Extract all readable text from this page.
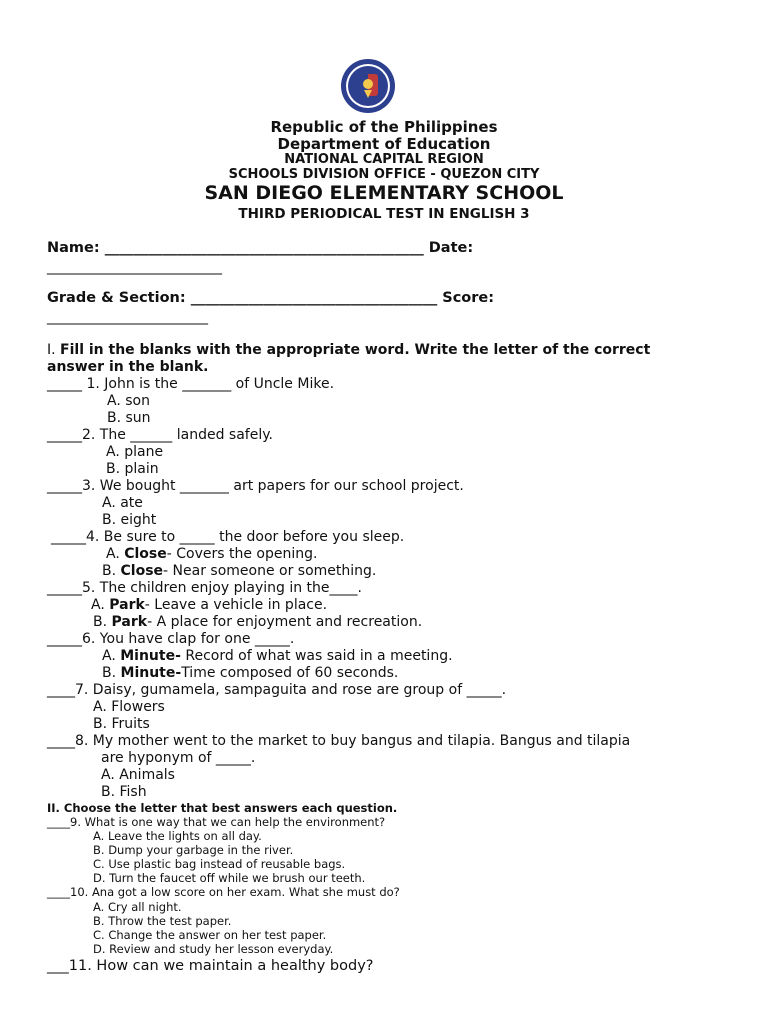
Republic of the Philippines
Department of Education
NATIONAL CAPITAL REGION
SCHOOLS DIVISION OFFICE - QUEZON CITY
SAN DIEGO ELEMENTARY SCHOOL
THIRD PERIODICAL TEST IN ENGLISH 3
Name: ____________________________________________ Date:
_________________________
Grade & Section: __________________________________ Score:
_______________________
I. Fill in the blanks with the appropriate word. Write the letter of the correct
answer in the blank.
_____ 1. John is the _______ of Uncle Mike.
A. son
B. sun
_____2. The ______ landed safely.
A. plane
B. plain
_____3. We bought _______ art papers for our school project.
A. ate
B. eight
_____4. Be sure to _____ the door before you sleep.
A. Close- Covers the opening.
B. Close- Near someone or something.
_____5. The children enjoy playing in the____.
A. Park- Leave a vehicle in place.
B. Park- A place for enjoyment and recreation.
_____6. You have clap for one _____.
A. Minute- Record of what was said in a meeting.
B. Minute-Time composed of 60 seconds.
____7. Daisy, gumamela, sampaguita and rose are group of _____.
A. Flowers
B. Fruits
____8. My mother went to the market to buy bangus and tilapia. Bangus and tilapia
are hyponym of _____.
A. Animals
B. Fish
II. Choose the letter that best answers each question.
____9. What is one way that we can help the environment?
A. Leave the lights on all day.
B. Dump your garbage in the river.
C. Use plastic bag instead of reusable bags.
D. Turn the faucet off while we brush our teeth.
____10. Ana got a low score on her exam. What she must do?
A. Cry all night.
B. Throw the test paper.
C. Change the answer on her test paper.
D. Review and study her lesson everyday.
___11. How can we maintain a healthy body?
